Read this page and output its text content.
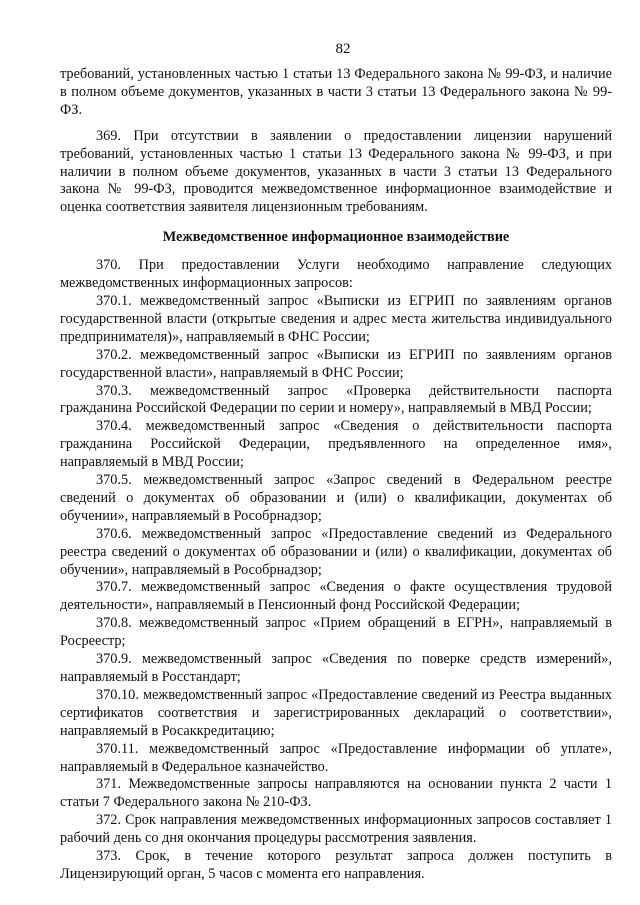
82

требований, установленных частью 1 статьи 13 Федерального закона № 99-ФЗ, и наличие в полном объеме документов, указанных в части 3 статьи 13 Федерального закона № 99-ФЗ.

369. При отсутствии в заявлении о предоставлении лицензии нарушений требований, установленных частью 1 статьи 13 Федерального закона № 99-ФЗ, и при наличии в полном объеме документов, указанных в части 3 статьи 13 Федерального закона № 99-ФЗ, проводится межведомственное информационное взаимодействие и оценка соответствия заявителя лицензионным требованиям.

Межведомственное информационное взаимодействие

370. При предоставлении Услуги необходимо направление следующих межведомственных информационных запросов:

370.1. межведомственный запрос «Выписки из ЕГРИП по заявлениям органов государственной власти (открытые сведения и адрес места жительства индивидуального предпринимателя)», направляемый в ФНС России;

370.2. межведомственный запрос «Выписки из ЕГРИП по заявлениям органов государственной власти», направляемый в ФНС России;

370.3. межведомственный запрос «Проверка действительности паспорта гражданина Российской Федерации по серии и номеру», направляемый в МВД России;

370.4. межведомственный запрос «Сведения о действительности паспорта гражданина Российской Федерации, предъявленного на определенное имя», направляемый в МВД России;

370.5. межведомственный запрос «Запрос сведений в Федеральном реестре сведений о документах об образовании и (или) о квалификации, документах об обучении», направляемый в Рособрнадзор;

370.6. межведомственный запрос «Предоставление сведений из Федерального реестра сведений о документах об образовании и (или) о квалификации, документах об обучении», направляемый в Рособрнадзор;

370.7. межведомственный запрос «Сведения о факте осуществления трудовой деятельности», направляемый в Пенсионный фонд Российской Федерации;

370.8. межведомственный запрос «Прием обращений в ЕГРН», направляемый в Росреестр;

370.9. межведомственный запрос «Сведения по поверке средств измерений», направляемый в Росстандарт;

370.10. межведомственный запрос «Предоставление сведений из Реестра выданных сертификатов соответствия и зарегистрированных деклараций о соответствии», направляемый в Росаккредитацию;

370.11. межведомственный запрос «Предоставление информации об уплате», направляемый в Федеральное казначейство.

371. Межведомственные запросы направляются на основании пункта 2 части 1 статьи 7 Федерального закона № 210-ФЗ.

372. Срок направления межведомственных информационных запросов составляет 1 рабочий день со дня окончания процедуры рассмотрения заявления.

373. Срок, в течение которого результат запроса должен поступить в Лицензирующий орган, 5 часов с момента его направления.
